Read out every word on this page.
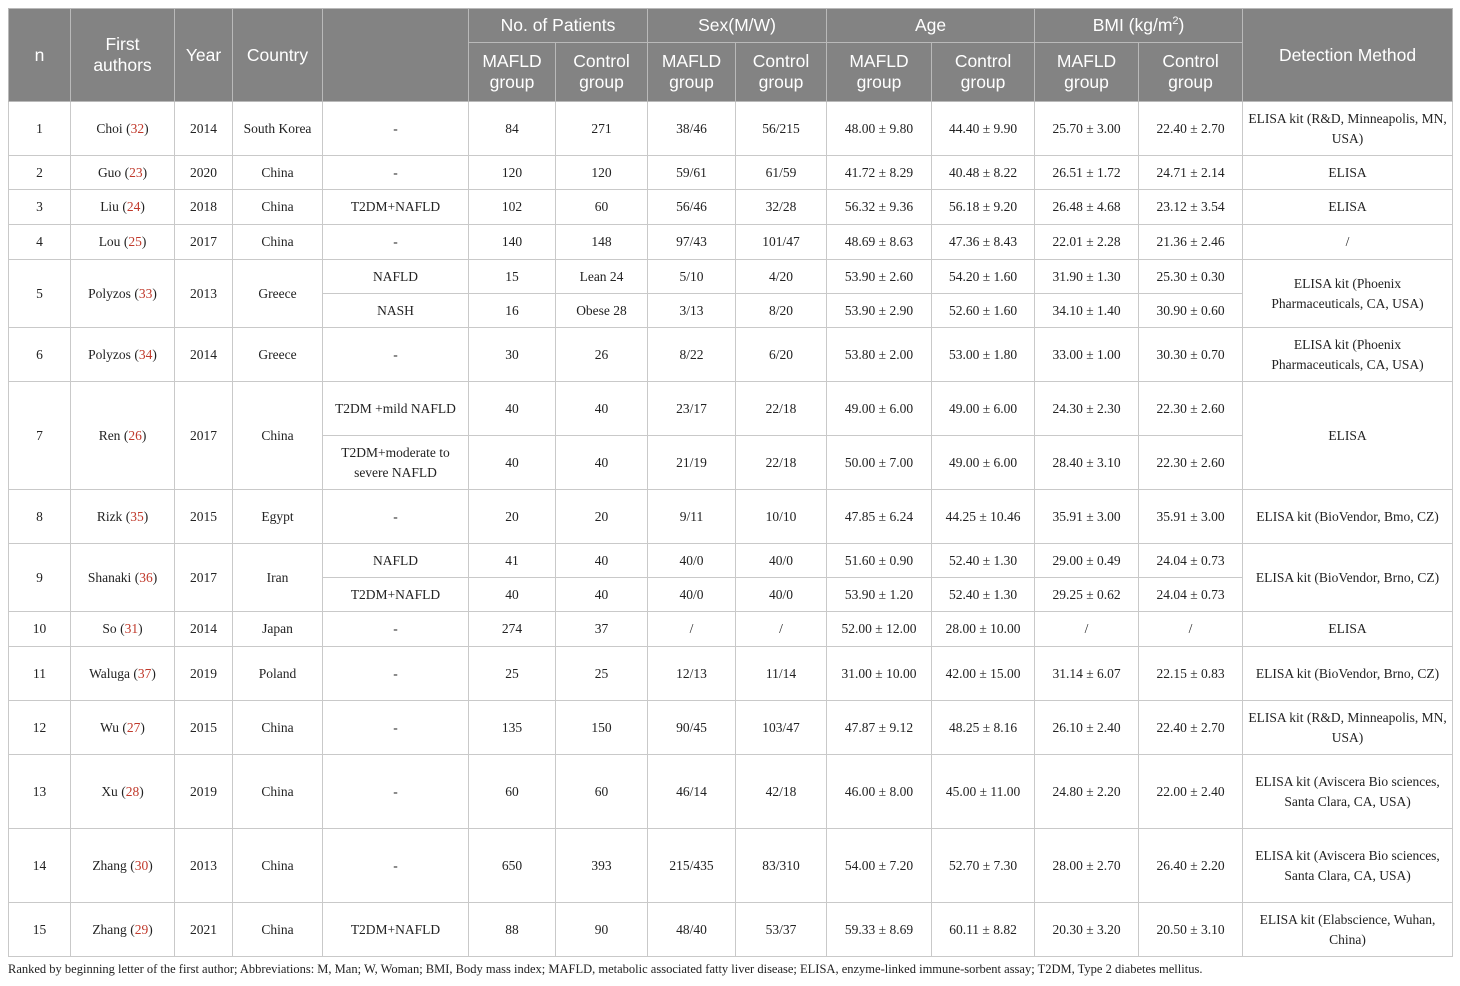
n	First authors	Year	Country		No. of Patients		Sex(M/W)		Age		BMI $(kg/m^2)$		Detection Method
					MAFLD group	Control group	MAFLD group	Control group	MAFLD group	Control group	MAFLD group	Control group	
1	Choi (32)	2014	South Korea	-	84	271	38/46	56/215	48.00 ± 9.80	44.40 ± 9.90	25.70 ± 3.00	22.40 ± 2.70	ELISA kit (R&D, Minneapolis, MN, USA)
2	Guo (23)	2020	China	-	120	120	59/61	61/59	41.72 ± 8.29	40.48 ± 8.22	26.51 ± 1.72	24.71 ± 2.14	ELISA
3	Liu (24)	2018	China	T2DM+NAFLD	102	60	56/46	32/28	56.32 ± 9.36	56.18 ± 9.20	26.48 ± 4.68	23.12 ± 3.54	ELISA
4	Lou (25)	2017	China	-	140	148	97/43	101/47	48.69 ± 8.63	47.36 ± 8.43	22.01 ± 2.28	21.36 ± 2.46	/
5	Polyzos (33)	2013	Greece	NAFLD	15	Lean 24	5/10	4/20	53.90 ± 2.60	54.20 ± 1.60	31.90 ± 1.30	25.30 ± 0.30	ELISA kit (Phoenix Pharmaceuticals, CA, USA)
				NASH	16	Obese 28	3/13	8/20	53.90 ± 2.90	52.60 ± 1.60	34.10 ± 1.40	30.90 ± 0.60	
6	Polyzos (34)	2014	Greece	-	30	26	8/22	6/20	53.80 ± 2.00	53.00 ± 1.80	33.00 ± 1.00	30.30 ± 0.70	ELISA kit (Phoenix Pharmaceuticals, CA, USA)
7	Ren (26)	2017	China	T2DM +mild NAFLD	40	40	23/17	22/18	49.00 ± 6.00	49.00 ± 6.00	24.30 ± 2.30	22.30 ± 2.60	ELISA
				T2DM+moderate to severe NAFLD	40	40	21/19	22/18	50.00 ± 7.00	49.00 ± 6.00	28.40 ± 3.10	22.30 ± 2.60	
8	Rizk (35)	2015	Egypt	-	20	20	9/11	10/10	47.85 ± 6.24	44.25 ± 10.46	35.91 ± 3.00	35.91 ± 3.00	ELISA kit (BioVendor, Bmo, CZ)
9	Shanaki (36)	2017	Iran	NAFLD	41	40	40/0	40/0	51.60 ± 0.90	52.40 ± 1.30	29.00 ± 0.49	24.04 ± 0.73	ELISA kit (BioVendor, Brno, CZ)
				T2DM+NAFLD	40	40	40/0	40/0	53.90 ± 1.20	52.40 ± 1.30	29.25 ± 0.62	24.04 ± 0.73	
10	So (31)	2014	Japan	-	274	37	/	/	52.00 ± 12.00	28.00 ± 10.00	/	/	ELISA
11	Waluga (37)	2019	Poland	-	25	25	12/13	11/14	31.00 ± 10.00	42.00 ± 15.00	31.14 ± 6.07	22.15 ± 0.83	ELISA kit (BioVendor, Brno, CZ)
12	Wu (27)	2015	China	-	135	150	90/45	103/47	47.87 ± 9.12	48.25 ± 8.16	26.10 ± 2.40	22.40 ± 2.70	ELISA kit (R&D, Minneapolis, MN, USA)
13	Xu (28)	2019	China	-	60	60	46/14	42/18	46.00 ± 8.00	45.00 ± 11.00	24.80 ± 2.20	22.00 ± 2.40	ELISA kit (Aviscera Bio sciences, Santa Clara, CA, USA)
14	Zhang (30)	2013	China	-	650	393	215/435	83/310	54.00 ± 7.20	52.70 ± 7.30	28.00 ± 2.70	26.40 ± 2.20	ELISA kit (Aviscera Bio sciences, Santa Clara, CA, USA)
15	Zhang (29)	2021	China	T2DM+NAFLD	88	90	48/40	53/37	59.33 ± 8.69	60.11 ± 8.82	20.30 ± 3.20	20.50 ± 3.10	ELISA kit (Elabscience, Wuhan, China)
Ranked by beginning letter of the first author; Abbreviations: M, Man; W, Woman; BMI, Body mass index; MAFLD, metabolic associated fatty liver disease; ELISA, enzyme-linked immune-sorbent assay; T2DM, Type 2 diabetes mellitus.
